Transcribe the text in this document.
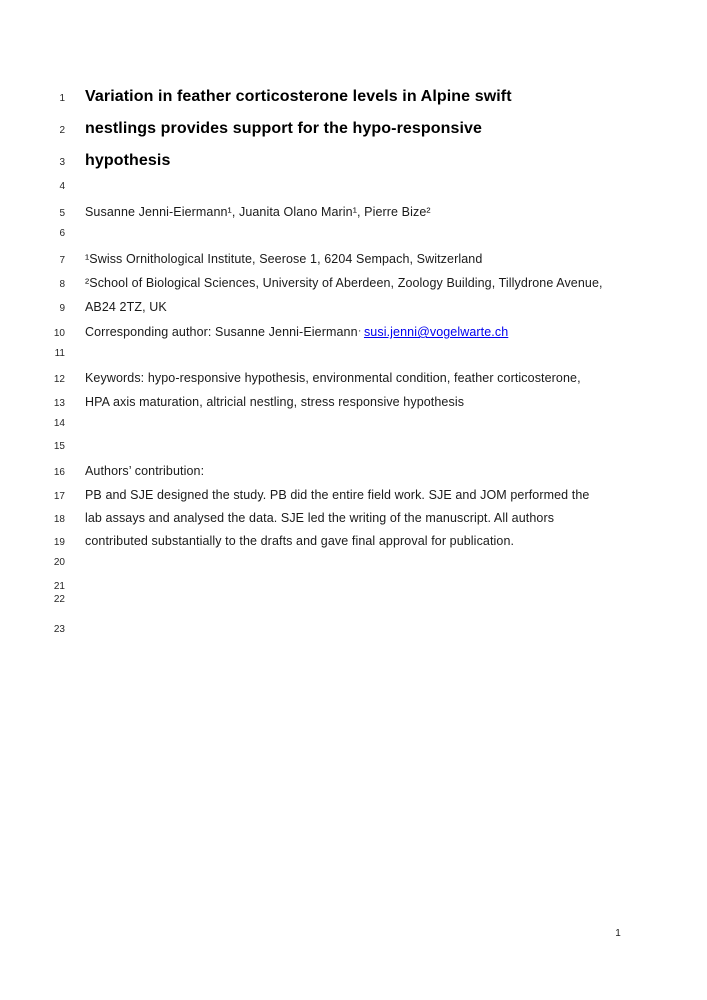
1 Variation in feather corticosterone levels in Alpine swift
2 nestlings provides support for the hypo-responsive
3 hypothesis
4
5 Susanne Jenni-Eiermann¹, Juanita Olano Marin¹, Pierre Bize²
6
7 ¹Swiss Ornithological Institute, Seerose 1, 6204 Sempach, Switzerland
8 ²School of Biological Sciences, University of Aberdeen, Zoology Building, Tillydrone Avenue,
9 AB24 2TZ, UK
10 Corresponding author: Susanne Jenni-Eiermann, susi.jenni@vogelwarte.ch
11
12 Keywords: hypo-responsive hypothesis, environmental condition, feather corticosterone,
13 HPA axis maturation, altricial nestling, stress responsive hypothesis
14
15
16 Authors’ contribution:
17 PB and SJE designed the study. PB did the entire field work. SJE and JOM performed the
18 lab assays and analysed the data. SJE led the writing of the manuscript. All authors
19 contributed substantially to the drafts and gave final approval for publication.
20
21
22
23
1
